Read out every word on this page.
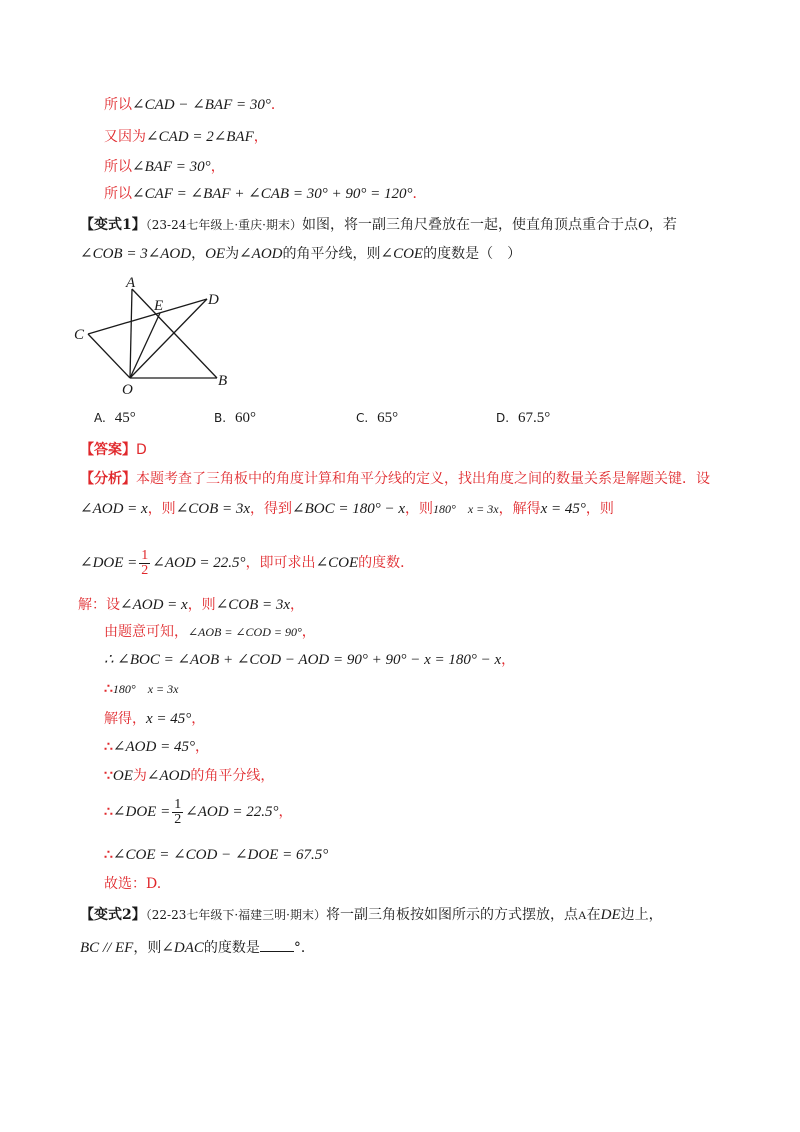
所以∠CAD − ∠BAF = 30°．
又因为∠CAD = 2∠BAF，
所以∠BAF = 30°，
所以∠CAF = ∠BAF + ∠CAB = 30° + 90° = 120°．
【变式1】（23-24七年级上·重庆·期末）如图，将一副三角尺叠放在一起，使直角顶点重合于点O，若
∠COB = 3∠AOD，OE为∠AOD的角平分线，则∠COE的度数是（　）
A
E	D
C
O
B
A. 45°	B. 60°	C. 65°	D. 67.5°
【答案】D
【分析】本题考查了三角板中的角度计算和角平分线的定义，找出角度之间的数量关系是解题关键．设
∠AOD = x，则∠COB = 3x，得到∠BOC = 180° − x，则180°　x = 3x，解得x = 45°，则
∠DOE = $\frac{1}{2}$ ∠AOD = 22.5°，即可求出∠COE的度数．
解：设∠AOD = x，则∠COB = 3x，
由题意可知，∠AOB = ∠COD = 90°，
∴ ∠BOC = ∠AOB + ∠COD − AOD = 90° + 90° − x = 180° − x，
∴180°　x = 3x
解得，x = 45°，
∴∠AOD = 45°，
∵OE为∠AOD的角平分线，
∴∠DOE = $\frac{1}{2}$ ∠AOD = 22.5°，
∴∠COE = ∠COD − ∠DOE = 67.5°
故选：D.
【变式2】（22-23七年级下·福建三明·期末）将一副三角板按如图所示的方式摆放，点A在DE边上，
BC // EF，则∠DAC的度数是 °．
